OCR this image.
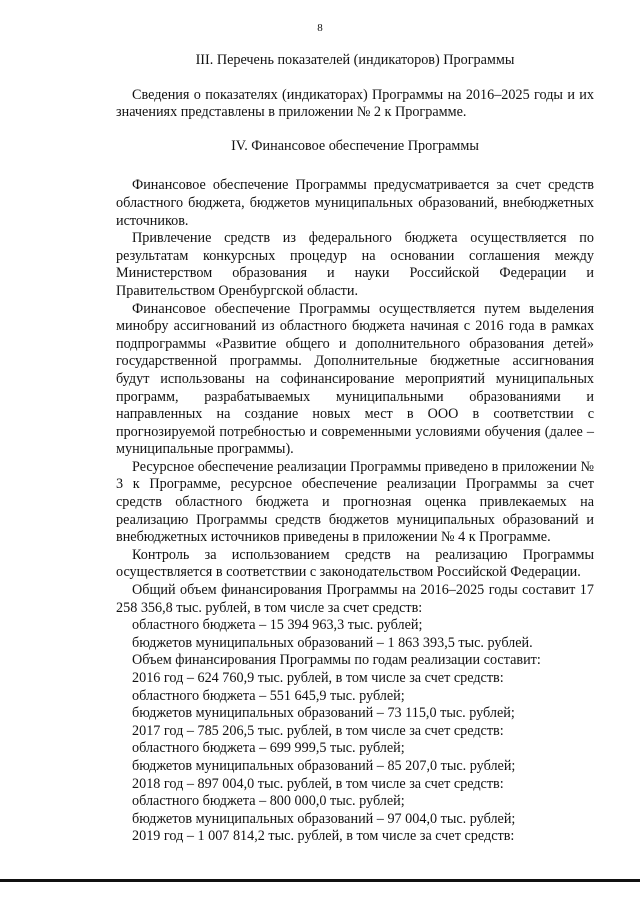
8
III. Перечень показателей (индикаторов) Программы

Сведения о показателях (индикаторах) Программы на 2016–2025 годы и их значениях представлены в приложении № 2 к Программе.

IV. Финансовое обеспечение Программы

Финансовое обеспечение Программы предусматривается за счет средств областного бюджета, бюджетов муниципальных образований, внебюджетных источников.

Привлечение средств из федерального бюджета осуществляется по результатам конкурсных процедур на основании соглашения между Министерством образования и науки Российской Федерации и Правительством Оренбургской области.

Финансовое обеспечение Программы осуществляется путем выделения минобру ассигнований из областного бюджета начиная с 2016 года в рамках подпрограммы «Развитие общего и дополнительного образования детей» государственной программы. Дополнительные бюджетные ассигнования будут использованы на софинансирование мероприятий муниципальных программ, разрабатываемых муниципальными образованиями и направленных на создание новых мест в ООО в соответствии с прогнозируемой потребностью и современными условиями обучения (далее – муниципальные программы).

Ресурсное обеспечение реализации Программы приведено в приложении № 3 к Программе, ресурсное обеспечение реализации Программы за счет средств областного бюджета и прогнозная оценка привлекаемых на реализацию Программы средств бюджетов муниципальных образований и внебюджетных источников приведены в приложении № 4 к Программе.

Контроль за использованием средств на реализацию Программы осуществляется в соответствии с законодательством Российской Федерации.

Общий объем финансирования Программы на 2016–2025 годы составит 17 258 356,8 тыс. рублей, в том числе за счет средств:

областного бюджета – 15 394 963,3 тыс. рублей;
бюджетов муниципальных образований – 1 863 393,5 тыс. рублей.
Объем финансирования Программы по годам реализации составит:
2016 год – 624 760,9 тыс. рублей, в том числе за счет средств:
областного бюджета – 551 645,9 тыс. рублей;
бюджетов муниципальных образований – 73 115,0 тыс. рублей;
2017 год – 785 206,5 тыс. рублей, в том числе за счет средств:
областного бюджета – 699 999,5 тыс. рублей;
бюджетов муниципальных образований – 85 207,0 тыс. рублей;
2018 год – 897 004,0 тыс. рублей, в том числе за счет средств:
областного бюджета – 800 000,0 тыс. рублей;
бюджетов муниципальных образований – 97 004,0 тыс. рублей;
2019 год – 1 007 814,2 тыс. рублей, в том числе за счет средств:
